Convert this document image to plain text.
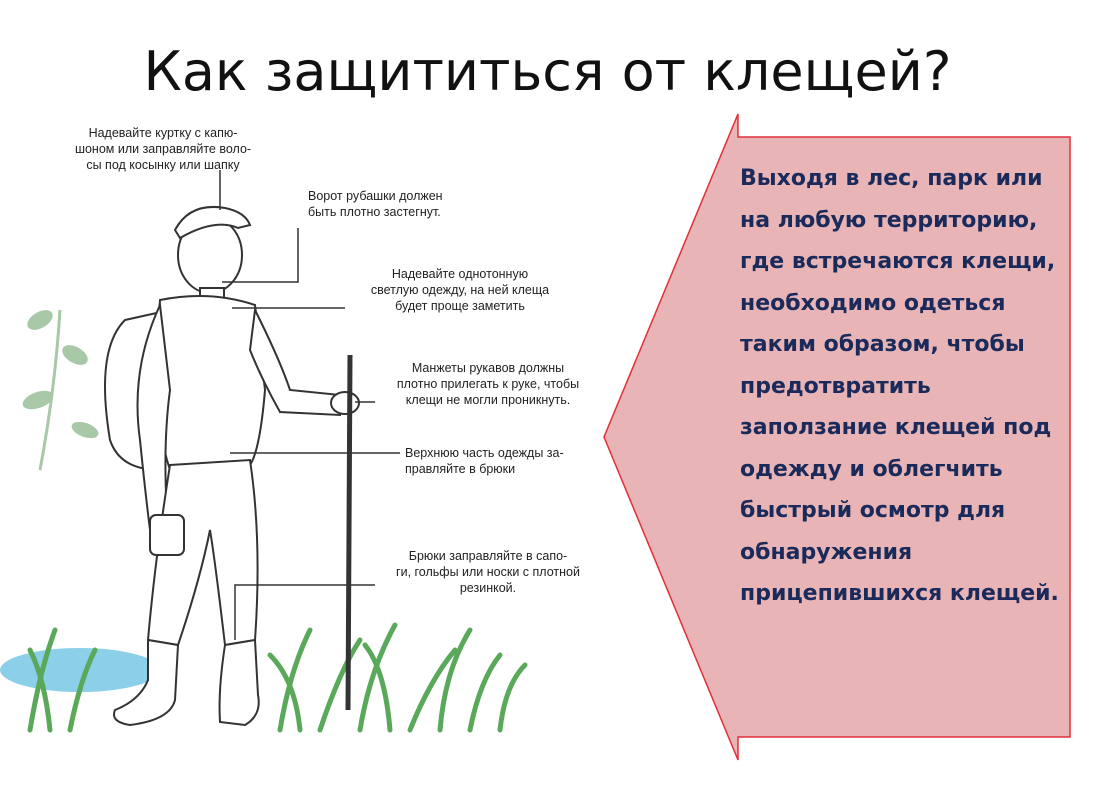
Как защититься от клещей?
Надевайте куртку с капю-
шоном или заправляйте воло-
сы под косынку или шапку
Ворот рубашки должен
быть плотно застегнут.
Надевайте однотонную
светлую одежду, на ней клеща
будет проще заметить
Манжеты рукавов должны
плотно прилегать к руке, чтобы
клещи не могли проникнуть.
Верхнюю часть одежды за-
правляйте в брюки
Брюки заправляйте в сапо-
ги, гольфы или носки с плотной
резинкой.
Выходя в лес, парк или на любую территорию, где встречаются клещи, необходимо одеться таким образом, чтобы предотвратить заползание клещей под одежду и облегчить быстрый осмотр для обнаружения прицепившихся клещей.
